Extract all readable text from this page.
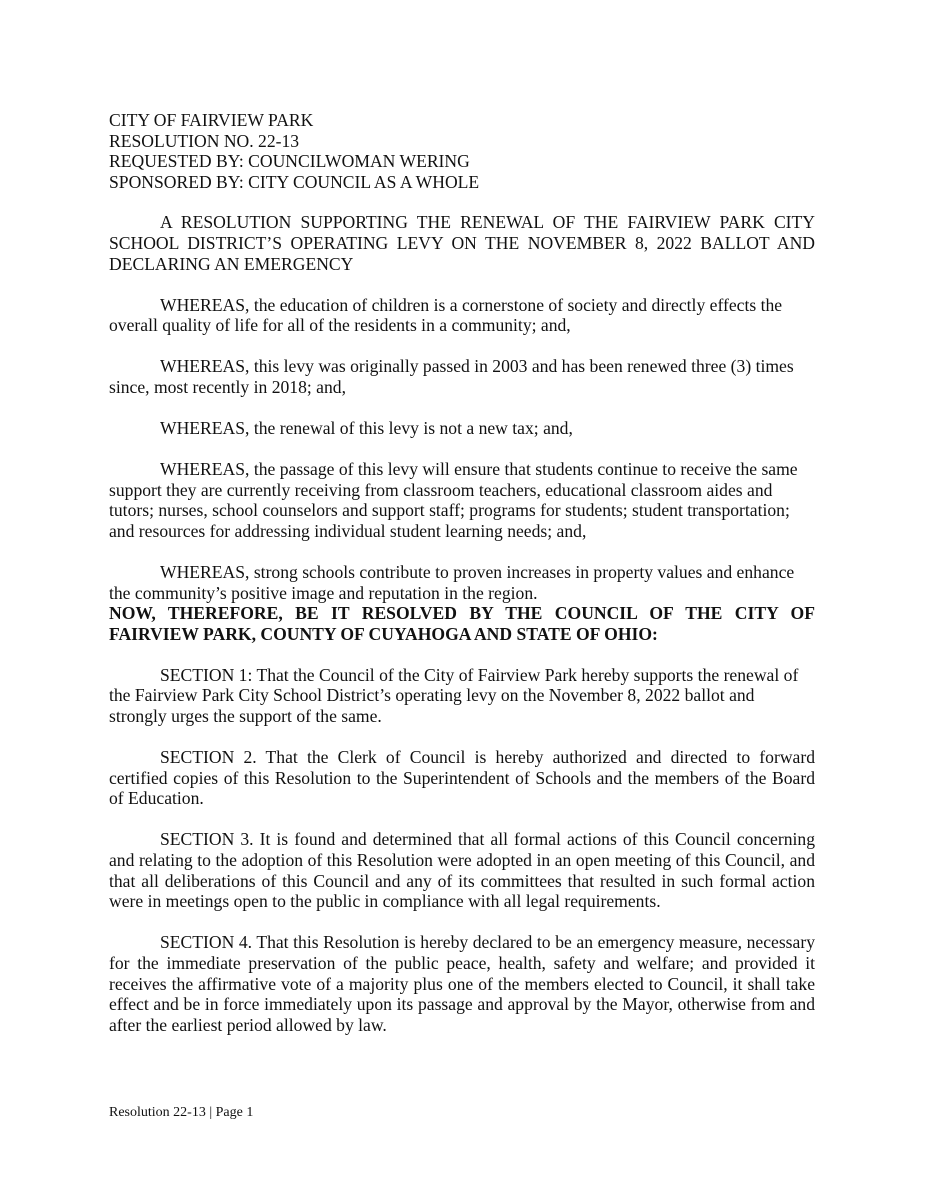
CITY OF FAIRVIEW PARK
RESOLUTION NO. 22-13
REQUESTED BY: COUNCILWOMAN WERING
SPONSORED BY: CITY COUNCIL AS A WHOLE

A RESOLUTION SUPPORTING THE RENEWAL OF THE FAIRVIEW PARK CITY SCHOOL DISTRICT’S OPERATING LEVY ON THE NOVEMBER 8, 2022 BALLOT AND DECLARING AN EMERGENCY

WHEREAS, the education of children is a cornerstone of society and directly effects the overall quality of life for all of the residents in a community; and,

WHEREAS, this levy was originally passed in 2003 and has been renewed three (3) times since, most recently in 2018; and,

WHEREAS, the renewal of this levy is not a new tax; and,

WHEREAS, the passage of this levy will ensure that students continue to receive the same support they are currently receiving from classroom teachers, educational classroom aides and tutors; nurses, school counselors and support staff; programs for students; student transportation; and resources for addressing individual student learning needs; and,

WHEREAS, strong schools contribute to proven increases in property values and enhance the community’s positive image and reputation in the region.

NOW, THEREFORE, BE IT RESOLVED BY THE COUNCIL OF THE CITY OF FAIRVIEW PARK, COUNTY OF CUYAHOGA AND STATE OF OHIO:

SECTION 1: That the Council of the City of Fairview Park hereby supports the renewal of the Fairview Park City School District’s operating levy on the November 8, 2022 ballot and strongly urges the support of the same.

SECTION 2. That the Clerk of Council is hereby authorized and directed to forward certified copies of this Resolution to the Superintendent of Schools and the members of the Board of Education.

SECTION 3. It is found and determined that all formal actions of this Council concerning and relating to the adoption of this Resolution were adopted in an open meeting of this Council, and that all deliberations of this Council and any of its committees that resulted in such formal action were in meetings open to the public in compliance with all legal requirements.

SECTION 4. That this Resolution is hereby declared to be an emergency measure, necessary for the immediate preservation of the public peace, health, safety and welfare; and provided it receives the affirmative vote of a majority plus one of the members elected to Council, it shall take effect and be in force immediately upon its passage and approval by the Mayor, otherwise from and after the earliest period allowed by law.

Resolution 22-13 | Page 1
